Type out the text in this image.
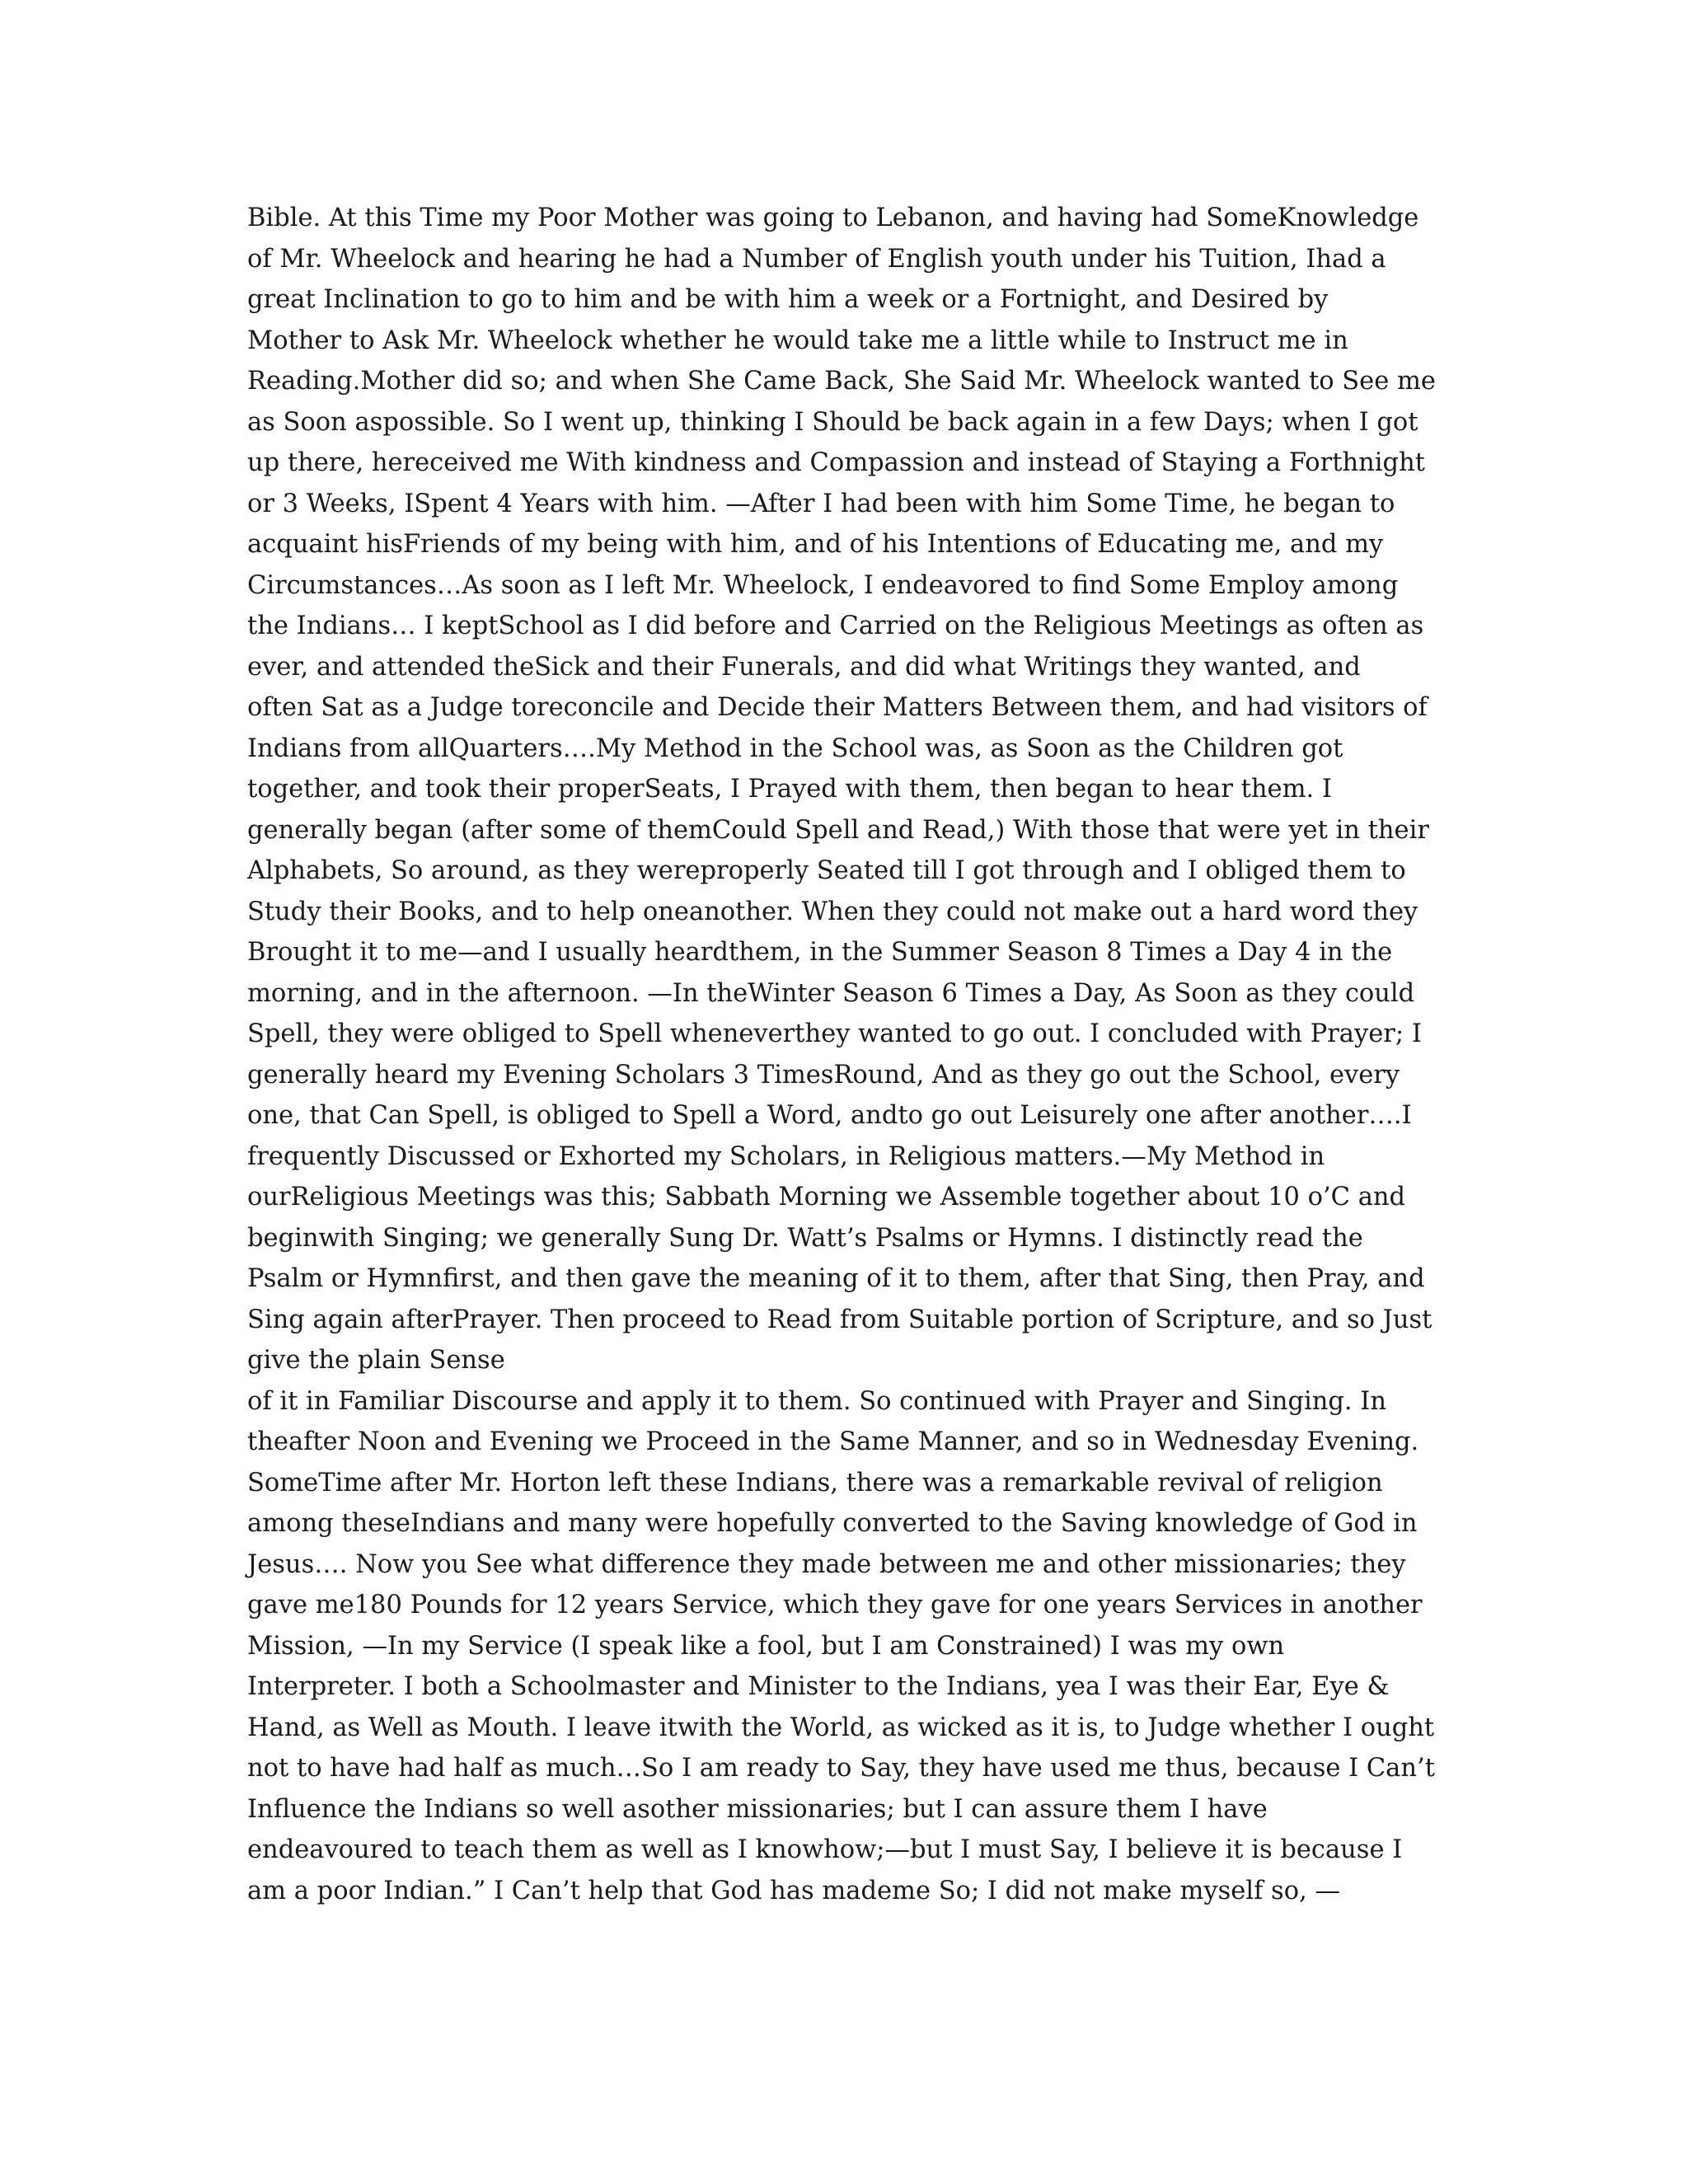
Bible. At this Time my Poor Mother was going to Lebanon, and having had SomeKnowledge
of Mr. Wheelock and hearing he had a Number of English youth under his Tuition, Ihad a
great Inclination to go to him and be with him a week or a Fortnight, and Desired by
Mother to Ask Mr. Wheelock whether he would take me a little while to Instruct me in
Reading.Mother did so; and when She Came Back, She Said Mr. Wheelock wanted to See me
as Soon aspossible. So I went up, thinking I Should be back again in a few Days; when I got
up there, hereceived me With kindness and Compassion and instead of Staying a Forthnight
or 3 Weeks, ISpent 4 Years with him. —After I had been with him Some Time, he began to
acquaint hisFriends of my being with him, and of his Intentions of Educating me, and my
Circumstances…As soon as I left Mr. Wheelock, I endeavored to find Some Employ among
the Indians… I keptSchool as I did before and Carried on the Religious Meetings as often as
ever, and attended theSick and their Funerals, and did what Writings they wanted, and
often Sat as a Judge toreconcile and Decide their Matters Between them, and had visitors of
Indians from allQuarters….My Method in the School was, as Soon as the Children got
together, and took their properSeats, I Prayed with them, then began to hear them. I
generally began (after some of themCould Spell and Read,) With those that were yet in their
Alphabets, So around, as they wereproperly Seated till I got through and I obliged them to
Study their Books, and to help oneanother. When they could not make out a hard word they
Brought it to me—and I usually heardthem, in the Summer Season 8 Times a Day 4 in the
morning, and in the afternoon. —In theWinter Season 6 Times a Day, As Soon as they could
Spell, they were obliged to Spell wheneverthey wanted to go out. I concluded with Prayer; I
generally heard my Evening Scholars 3 TimesRound, And as they go out the School, every
one, that Can Spell, is obliged to Spell a Word, andto go out Leisurely one after another….I
frequently Discussed or Exhorted my Scholars, in Religious matters.—My Method in
ourReligious Meetings was this; Sabbath Morning we Assemble together about 10 o’C and
beginwith Singing; we generally Sung Dr. Watt’s Psalms or Hymns. I distinctly read the
Psalm or Hymnfirst, and then gave the meaning of it to them, after that Sing, then Pray, and
Sing again afterPrayer. Then proceed to Read from Suitable portion of Scripture, and so Just
give the plain Sense
of it in Familiar Discourse and apply it to them. So continued with Prayer and Singing. In
theafter Noon and Evening we Proceed in the Same Manner, and so in Wednesday Evening.
SomeTime after Mr. Horton left these Indians, there was a remarkable revival of religion
among theseIndians and many were hopefully converted to the Saving knowledge of God in
Jesus…. Now you See what difference they made between me and other missionaries; they
gave me180 Pounds for 12 years Service, which they gave for one years Services in another
Mission, —In my Service (I speak like a fool, but I am Constrained) I was my own
Interpreter. I both a Schoolmaster and Minister to the Indians, yea I was their Ear, Eye &
Hand, as Well as Mouth. I leave itwith the World, as wicked as it is, to Judge whether I ought
not to have had half as much…So I am ready to Say, they have used me thus, because I Can’t
Influence the Indians so well asother missionaries; but I can assure them I have
endeavoured to teach them as well as I knowhow;—but I must Say, I believe it is because I
am a poor Indian.” I Can’t help that God has mademe So; I did not make myself so, —
